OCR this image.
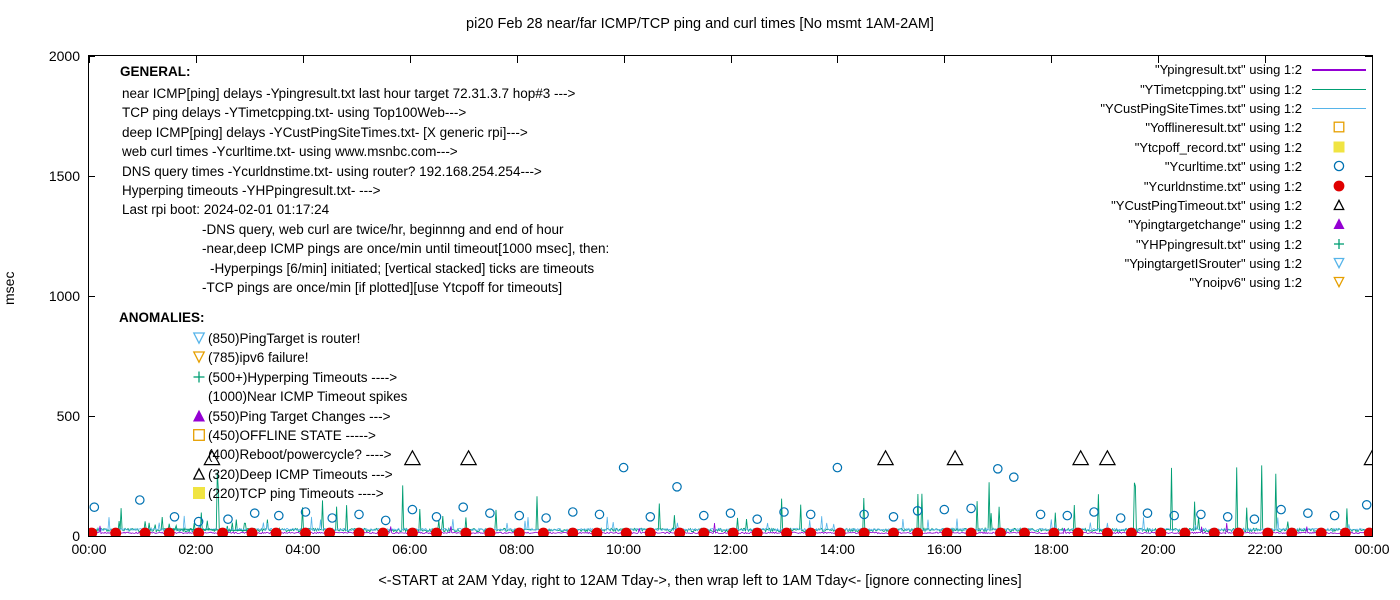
pi20 Feb 28 near/far ICMP/TCP ping and curl times [No msmt 1AM-2AM]
msec
<-START at 2AM Yday, right to 12AM Tday->, then wrap left to 1AM Tday<- [ignore connecting lines]
0
500
1000
1500
2000
00:00	02:00	04:00	06:00	08:00	10:00	12:00	14:00	16:00	18:00	20:00	22:00	00:00
GENERAL:
near ICMP[ping] delays -Ypingresult.txt last hour target 72.31.3.7 hop#3 --->
TCP ping delays -YTimetcpping.txt- using Top100Web--->
deep ICMP[ping] delays -YCustPingSiteTimes.txt- [X generic rpi]--->
web curl times -Ycurltime.txt- using www.msnbc.com--->
DNS query times -Ycurldnstime.txt- using router? 192.168.254.254--->
Hyperping timeouts -YHPpingresult.txt- --->
Last rpi boot: 2024-02-01 01:17:24
-DNS query, web curl are twice/hr, beginnng and end of hour
-near,deep ICMP pings are once/min until timeout[1000 msec], then:
-Hyperpings [6/min] initiated; [vertical stacked] ticks are timeouts
-TCP pings are once/min [if plotted][use Ytcpoff for timeouts]
ANOMALIES:
(850)PingTarget is router!
(785)ipv6 failure!
(500+)Hyperping Timeouts ---->
(1000)Near ICMP Timeout spikes
(550)Ping Target Changes --->
(450)OFFLINE STATE ----->
(400)Reboot/powercycle? ---->
(320)Deep ICMP Timeouts --->
(220)TCP ping Timeouts ---->
"Ypingresult.txt" using 1:2
"YTimetcpping.txt" using 1:2
"YCustPingSiteTimes.txt" using 1:2
"Yofflineresult.txt" using 1:2
"Ytcpoff_record.txt" using 1:2
"Ycurltime.txt" using 1:2
"Ycurldnstime.txt" using 1:2
"YCustPingTimeout.txt" using 1:2
"Ypingtargetchange" using 1:2
"YHPpingresult.txt" using 1:2
"YpingtargetISrouter" using 1:2
"Ynoipv6" using 1:2
